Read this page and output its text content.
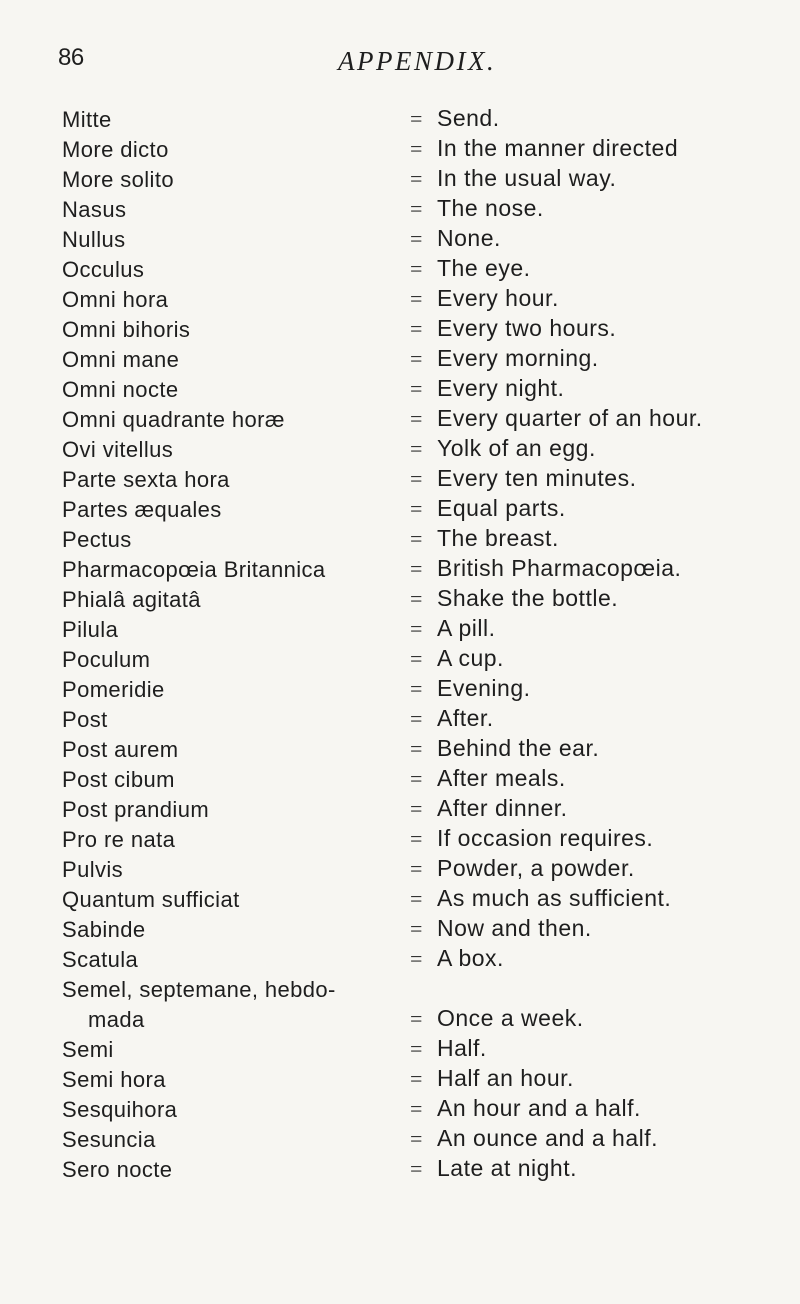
86	APPENDIX.
Mitte	= Send.
More dicto	= In the manner directed
More solito	= In the usual way.
Nasus	= The nose.
Nullus	= None.
Occulus	= The eye.
Omni hora	= Every hour.
Omni bihoris	= Every two hours.
Omni mane	= Every morning.
Omni nocte	= Every night.
Omni quadrante horæ	= Every quarter of an hour.
Ovi vitellus	= Yolk of an egg.
Parte sexta hora	= Every ten minutes.
Partes æquales	= Equal parts.
Pectus	= The breast.
Pharmacopœia Britannica	= British Pharmacopœia.
Phialâ agitatâ	= Shake the bottle.
Pilula	= A pill.
Poculum	= A cup.
Pomeridie	= Evening.
Post	= After.
Post aurem	= Behind the ear.
Post cibum	= After meals.
Post prandium	= After dinner.
Pro re nata	= If occasion requires.
Pulvis	= Powder, a powder.
Quantum sufficiat	= As much as sufficient.
Sabinde	= Now and then.
Scatula	= A box.
Semel, septemane, hebdo-
mada	= Once a week.
Semi	= Half.
Semi hora	= Half an hour.
Sesquihora	= An hour and a half.
Sesuncia	= An ounce and a half.
Sero nocte	= Late at night.
